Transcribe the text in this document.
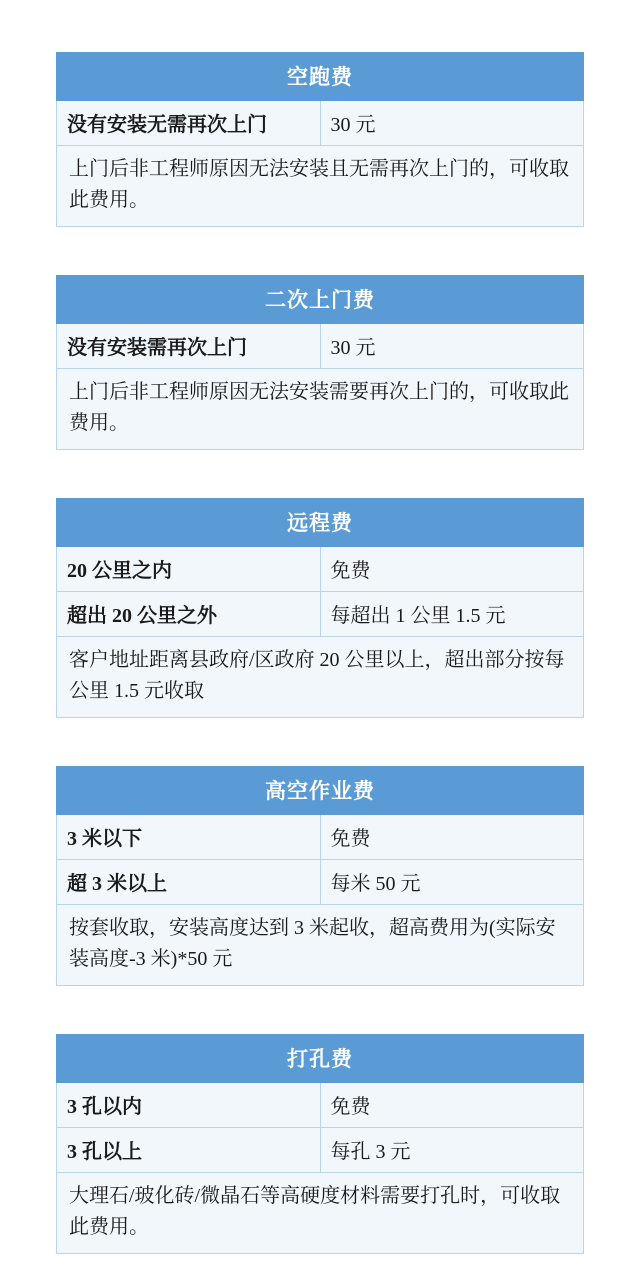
空跑费
没有安装无需再次上门	30 元
上门后非工程师原因无法安装且无需再次上门的，可收取此费用。
二次上门费
没有安装需再次上门	30 元
上门后非工程师原因无法安装需要再次上门的，可收取此费用。
远程费	
20 公里之内	免费
超出 20 公里之外	每超出 1 公里 1.5 元
客户地址距离县政府/区政府 20 公里以上，超出部分按每公里 1.5 元收取	
高空作业费	
3 米以下	免费
超 3 米以上	每米 50 元
按套收取，安装高度达到 3 米起收，超高费用为(实际安装高度-3 米)*50 元	
打孔费	
3 孔以内	免费
3 孔以上	每孔 3 元
大理石/玻化砖/微晶石等高硬度材料需要打孔时，可收取此费用。	
